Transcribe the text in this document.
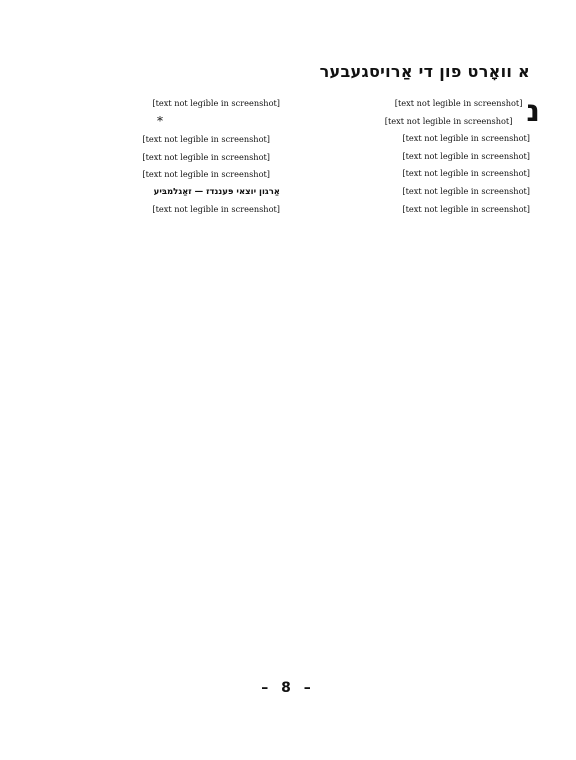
א וואָרט פון די אַרויסגעבער

נ
[text not legible in screenshot]

[text not legible in screenshot]

[text not legible in screenshot]

[text not legible in screenshot]

[text not legible in screenshot]

[text not legible in screenshot]

[text not legible in screenshot]

[text not legible in screenshot]

*

[text not legible in screenshot]

[text not legible in screenshot]

[text not legible in screenshot]

אַרגון יוצאי פּעננדז — זאַגלמבּיע

[text not legible in screenshot]

– 8 –
